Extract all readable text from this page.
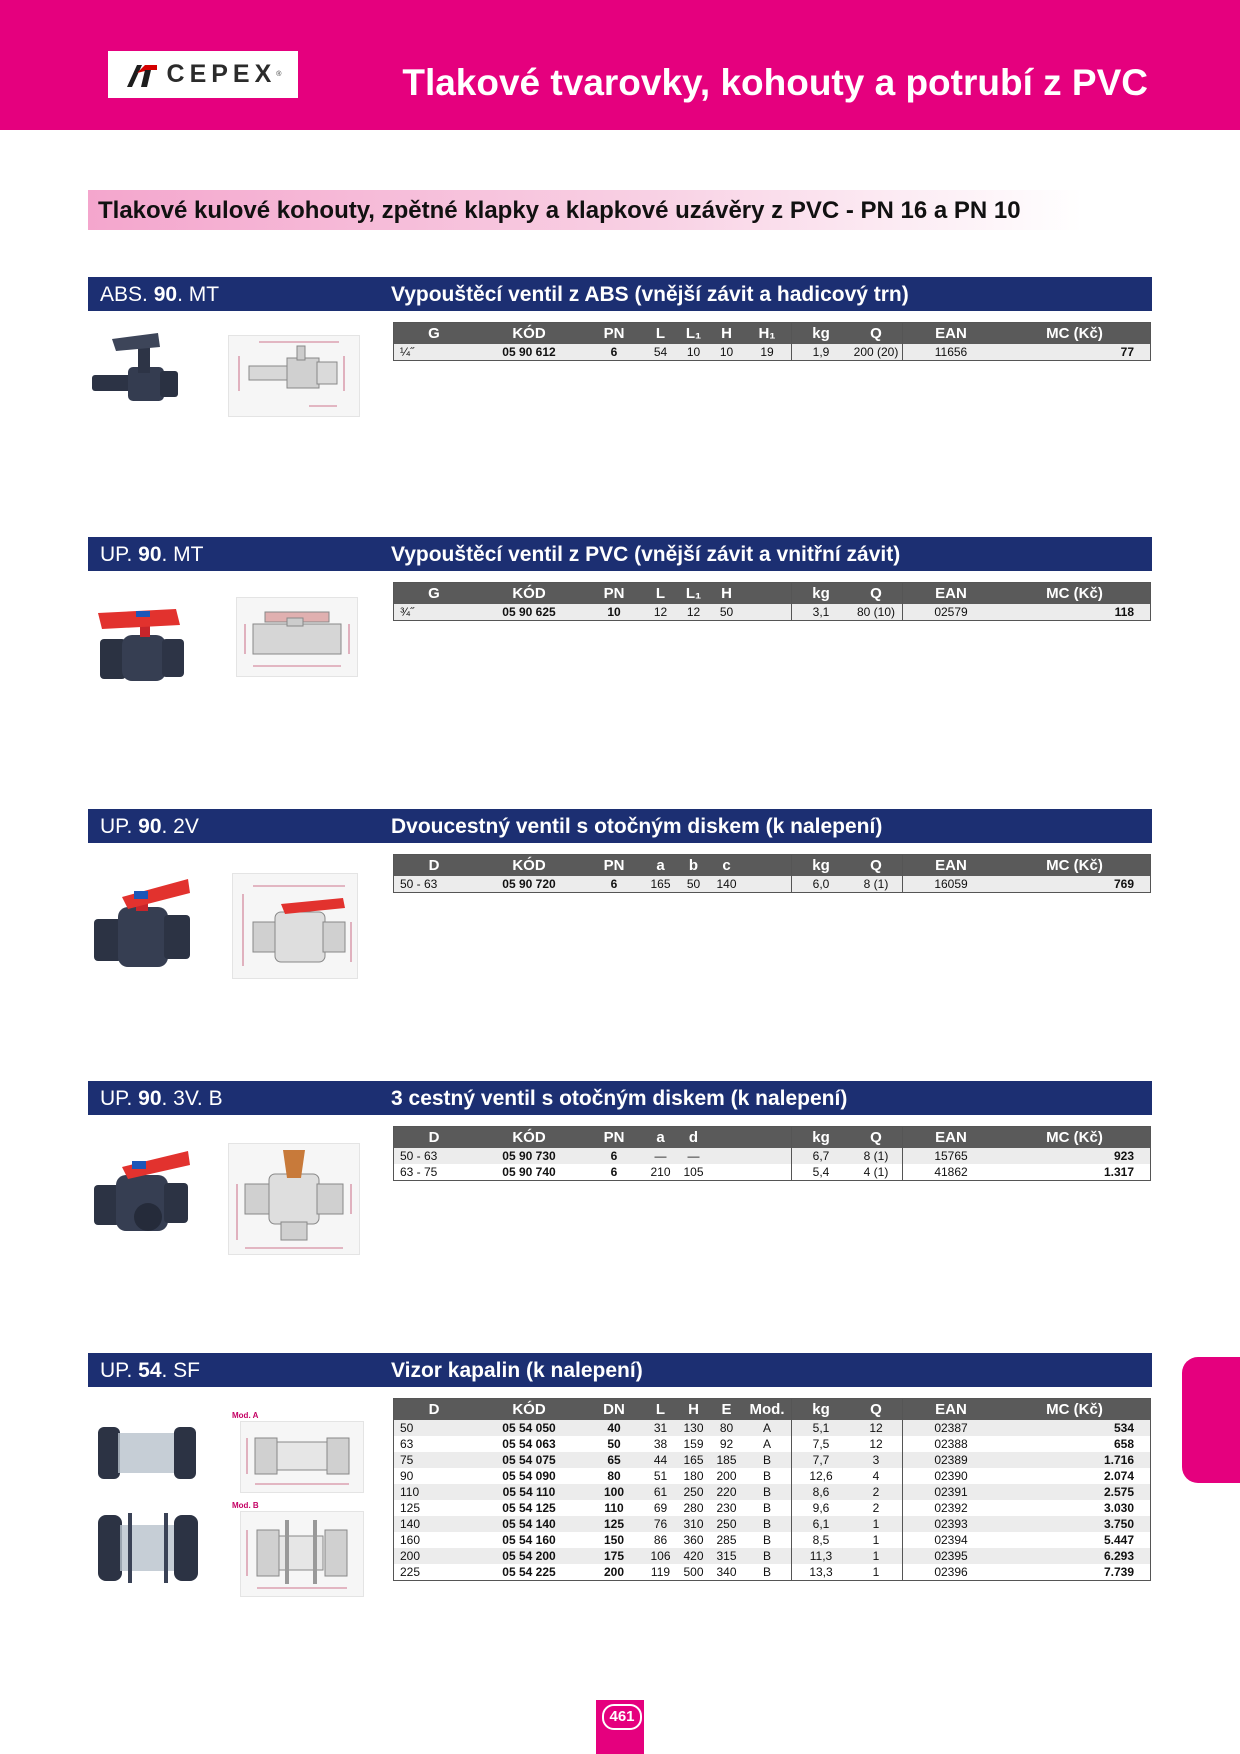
CEPEX ®	Tlakové tvarovky, kohouty a potrubí z PVC
Tlakové kulové kohouty, zpětné klapky a klapkové uzávěry z PVC - PN 16 a PN 10
ABS. 90. MT	Vypouštěcí ventil z ABS (vnější závit a hadicový trn)
G	KÓD	PN	L	L₁	H	H₁	kg	Q	EAN	MC (Kč)
¼˝	05 90 612	6	54	10	10	19	1,9	200 (20)	11656	77
UP. 90. MT	Vypouštěcí ventil z PVC (vnější závit a vnitřní závit)
G	KÓD	PN	L	L₁	H		kg	Q	EAN	MC (Kč)
¾˝	05 90 625	10	12	12	50		3,1	80 (10)	02579	118
UP. 90. 2V	Dvoucestný ventil s otočným diskem (k nalepení)
D	KÓD	PN	a	b	c		kg	Q	EAN	MC (Kč)
50 - 63	05 90 720	6	165	50	140		6,0	8 (1)	16059	769
UP. 90. 3V. B	3 cestný ventil s otočným diskem (k nalepení)
D	KÓD	PN	a	d			kg	Q	EAN	MC (Kč)
50 - 63	05 90 730	6	—	—			6,7	8 (1)	15765	923
63 - 75	05 90 740	6	210	105			5,4	4 (1)	41862	1.317
UP. 54. SF	Vizor kapalin (k nalepení)
Mod. A
Mod. B
D	KÓD	DN	L	H	E	Mod.	kg	Q	EAN	MC (Kč)
50	05 54 050	40	31	130	80	A	5,1	12	02387	534
63	05 54 063	50	38	159	92	A	7,5	12	02388	658
75	05 54 075	65	44	165	185	B	7,7	3	02389	1.716
90	05 54 090	80	51	180	200	B	12,6	4	02390	2.074
110	05 54 110	100	61	250	220	B	8,6	2	02391	2.575
125	05 54 125	110	69	280	230	B	9,6	2	02392	3.030
140	05 54 140	125	76	310	250	B	6,1	1	02393	3.750
160	05 54 160	150	86	360	285	B	8,5	1	02394	5.447
200	05 54 200	175	106	420	315	B	11,3	1	02395	6.293
225	05 54 225	200	119	500	340	B	13,3	1	02396	7.739
461
